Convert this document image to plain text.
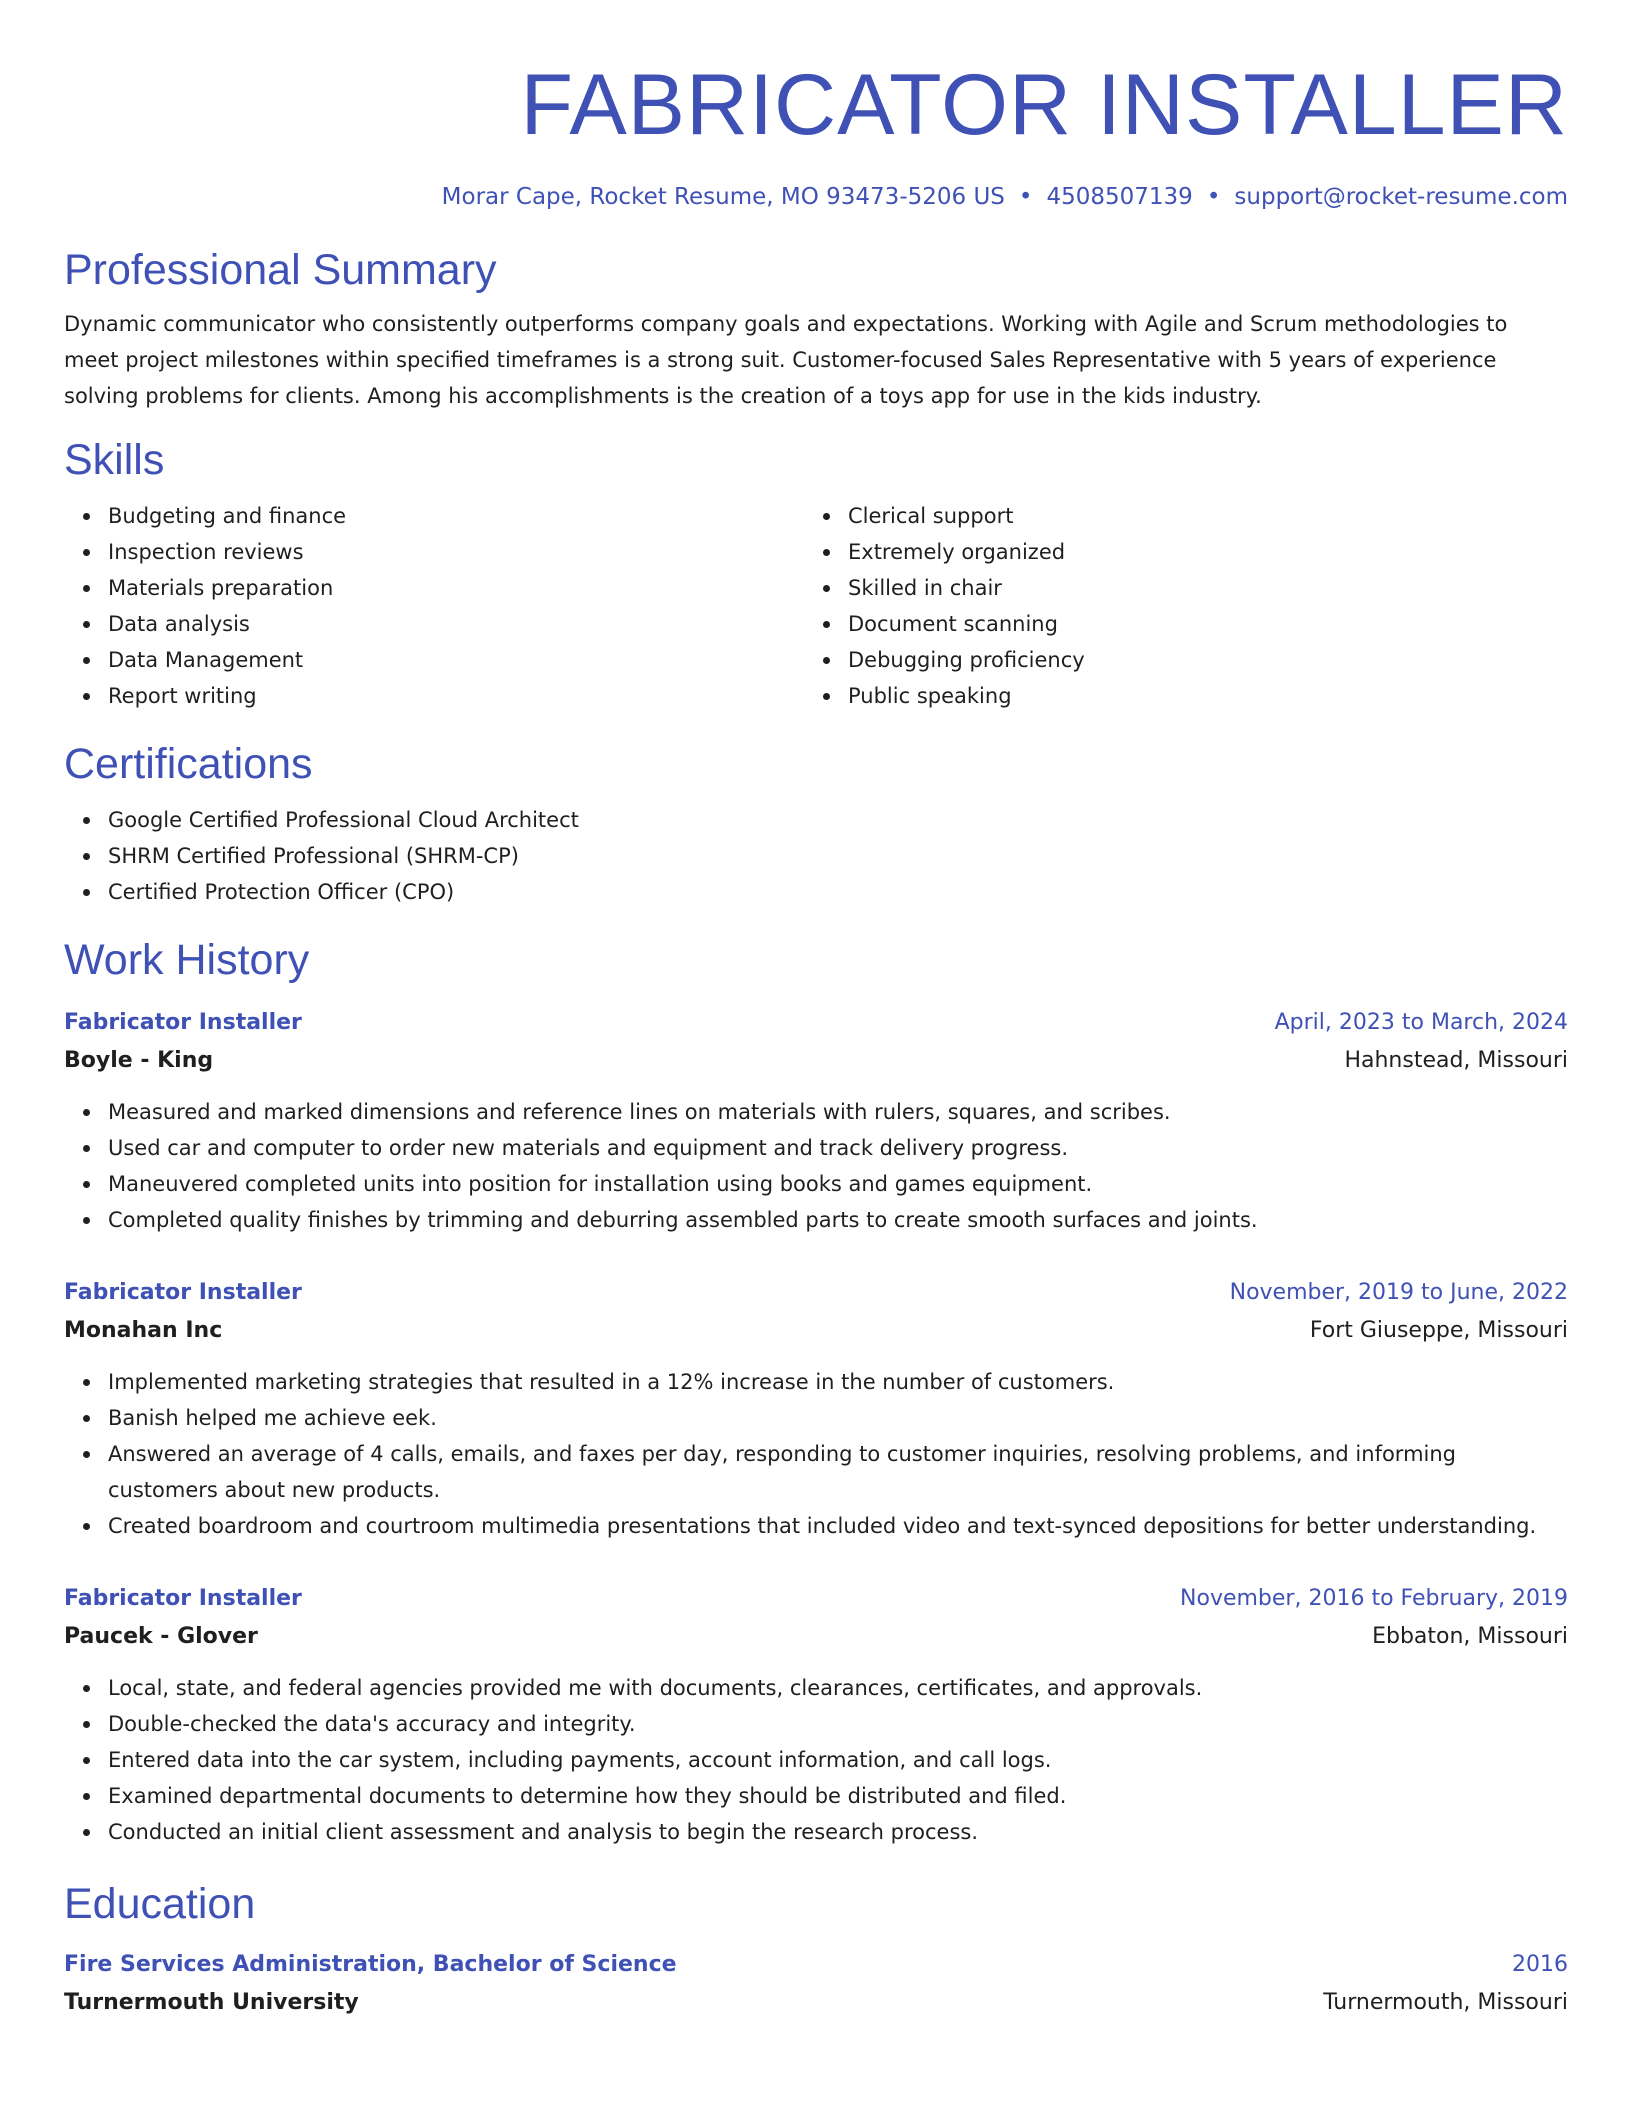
FABRICATOR INSTALLER
Morar Cape, Rocket Resume, MO 93473-5206 US • 4508507139 • support@rocket-resume.com
Professional Summary

Dynamic communicator who consistently outperforms company goals and expectations. Working with Agile and Scrum methodologies to meet project milestones within specified timeframes is a strong suit. Customer-focused Sales Representative with 5 years of experience solving problems for clients. Among his accomplishments is the creation of a toys app for use in the kids industry.

Skills
Budgeting and finance
Inspection reviews
Materials preparation
Data analysis
Data Management
Report writing
Clerical support
Extremely organized
Skilled in chair
Document scanning
Debugging proficiency
Public speaking
Certifications
Google Certified Professional Cloud Architect
SHRM Certified Professional (SHRM-CP)
Certified Protection Officer (CPO)
Work History
Fabricator Installer	April, 2023 to March, 2024
Boyle - King	Hahnstead, Missouri
Measured and marked dimensions and reference lines on materials with rulers, squares, and scribes.
Used car and computer to order new materials and equipment and track delivery progress.
Maneuvered completed units into position for installation using books and games equipment.
Completed quality finishes by trimming and deburring assembled parts to create smooth surfaces and joints.
Fabricator Installer	November, 2019 to June, 2022
Monahan Inc	Fort Giuseppe, Missouri
Implemented marketing strategies that resulted in a 12% increase in the number of customers.
Banish helped me achieve eek.
Answered an average of 4 calls, emails, and faxes per day, responding to customer inquiries, resolving problems, and informing customers about new products.
Created boardroom and courtroom multimedia presentations that included video and text-synced depositions for better understanding.
Fabricator Installer	November, 2016 to February, 2019
Paucek - Glover	Ebbaton, Missouri
Local, state, and federal agencies provided me with documents, clearances, certificates, and approvals.
Double-checked the data's accuracy and integrity.
Entered data into the car system, including payments, account information, and call logs.
Examined departmental documents to determine how they should be distributed and filed.
Conducted an initial client assessment and analysis to begin the research process.
Education
Fire Services Administration, Bachelor of Science	2016
Turnermouth University	Turnermouth, Missouri
